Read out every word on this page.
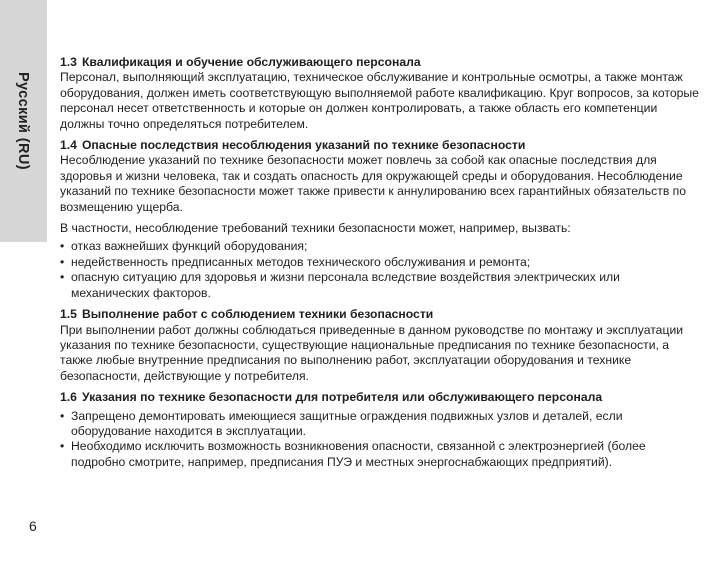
Русский (RU)
1.3 Квалификация и обучение обслуживающего персонала

Персонал, выполняющий эксплуатацию, техническое обслуживание и контрольные осмотры, а также монтаж оборудования, должен иметь соответствующую выполняемой работе квалификацию. Круг вопросов, за которые персонал несет ответственность и которые он должен контролировать, а также область его компетенции должны точно определяться потребителем.

1.4 Опасные последствия несоблюдения указаний по технике безопасности

Несоблюдение указаний по технике безопасности может повлечь за собой как опасные последствия для здоровья и жизни человека, так и создать опасность для окружающей среды и оборудования. Несоблюдение указаний по технике безопасности может также привести к аннулированию всех гарантийных обязательств по возмещению ущерба.

В частности, несоблюдение требований техники безопасности может, например, вызвать:

• отказ важнейших функций оборудования;
• недейственность предписанных методов технического обслуживания и ремонта;
• опасную ситуацию для здоровья и жизни персонала вследствие воздействия электрических или механических факторов.
1.5 Выполнение работ с соблюдением техники безопасности

При выполнении работ должны соблюдаться приведенные в данном руководстве по монтажу и эксплуатации указания по технике безопасности, существующие национальные предписания по технике безопасности, а также любые внутренние предписания по выполнению работ, эксплуатации оборудования и технике безопасности, действующие у потребителя.

1.6 Указания по технике безопасности для потребителя или обслуживающего персонала
• Запрещено демонтировать имеющиеся защитные ограждения подвижных узлов и деталей, если оборудование находится в эксплуатации.
• Необходимо исключить возможность возникновения опасности, связанной с электроэнергией (более подробно смотрите, например, предписания ПУЭ и местных энергоснабжающих предприятий).
6
